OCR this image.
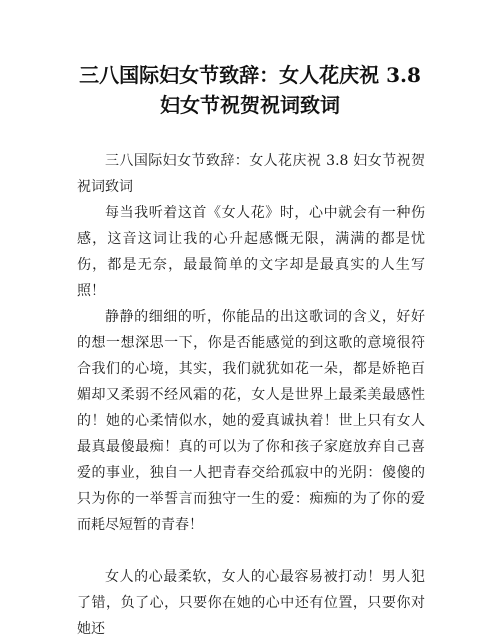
三八国际妇女节致辞：女人花庆祝 3.8
妇女节祝贺祝词致词

三八国际妇女节致辞：女人花庆祝 3.8 妇女节祝贺祝词致词

每当我听着这首《女人花》时，心中就会有一种伤感，这音这词让我的心升起感慨无限，满满的都是忧伤，都是无奈，最最简单的文字却是最真实的人生写照！

静静的细细的听，你能品的出这歌词的含义，好好的想一想深思一下，你是否能感觉的到这歌的意境很符合我们的心境，其实，我们就犹如花一朵，都是娇艳百媚却又柔弱不经风霜的花，女人是世界上最柔美最感性的！她的心柔情似水，她的爱真诚执着！世上只有女人最真最傻最痴！真的可以为了你和孩子家庭放弃自己喜爱的事业，独自一人把青春交给孤寂中的光阴：傻傻的只为你的一举誓言而独守一生的爱：痴痴的为了你的爱而耗尽短暂的青春！

女人的心最柔软，女人的心最容易被打动！男人犯了错，负了心，只要你在她的心中还有位置，只要你对她还
